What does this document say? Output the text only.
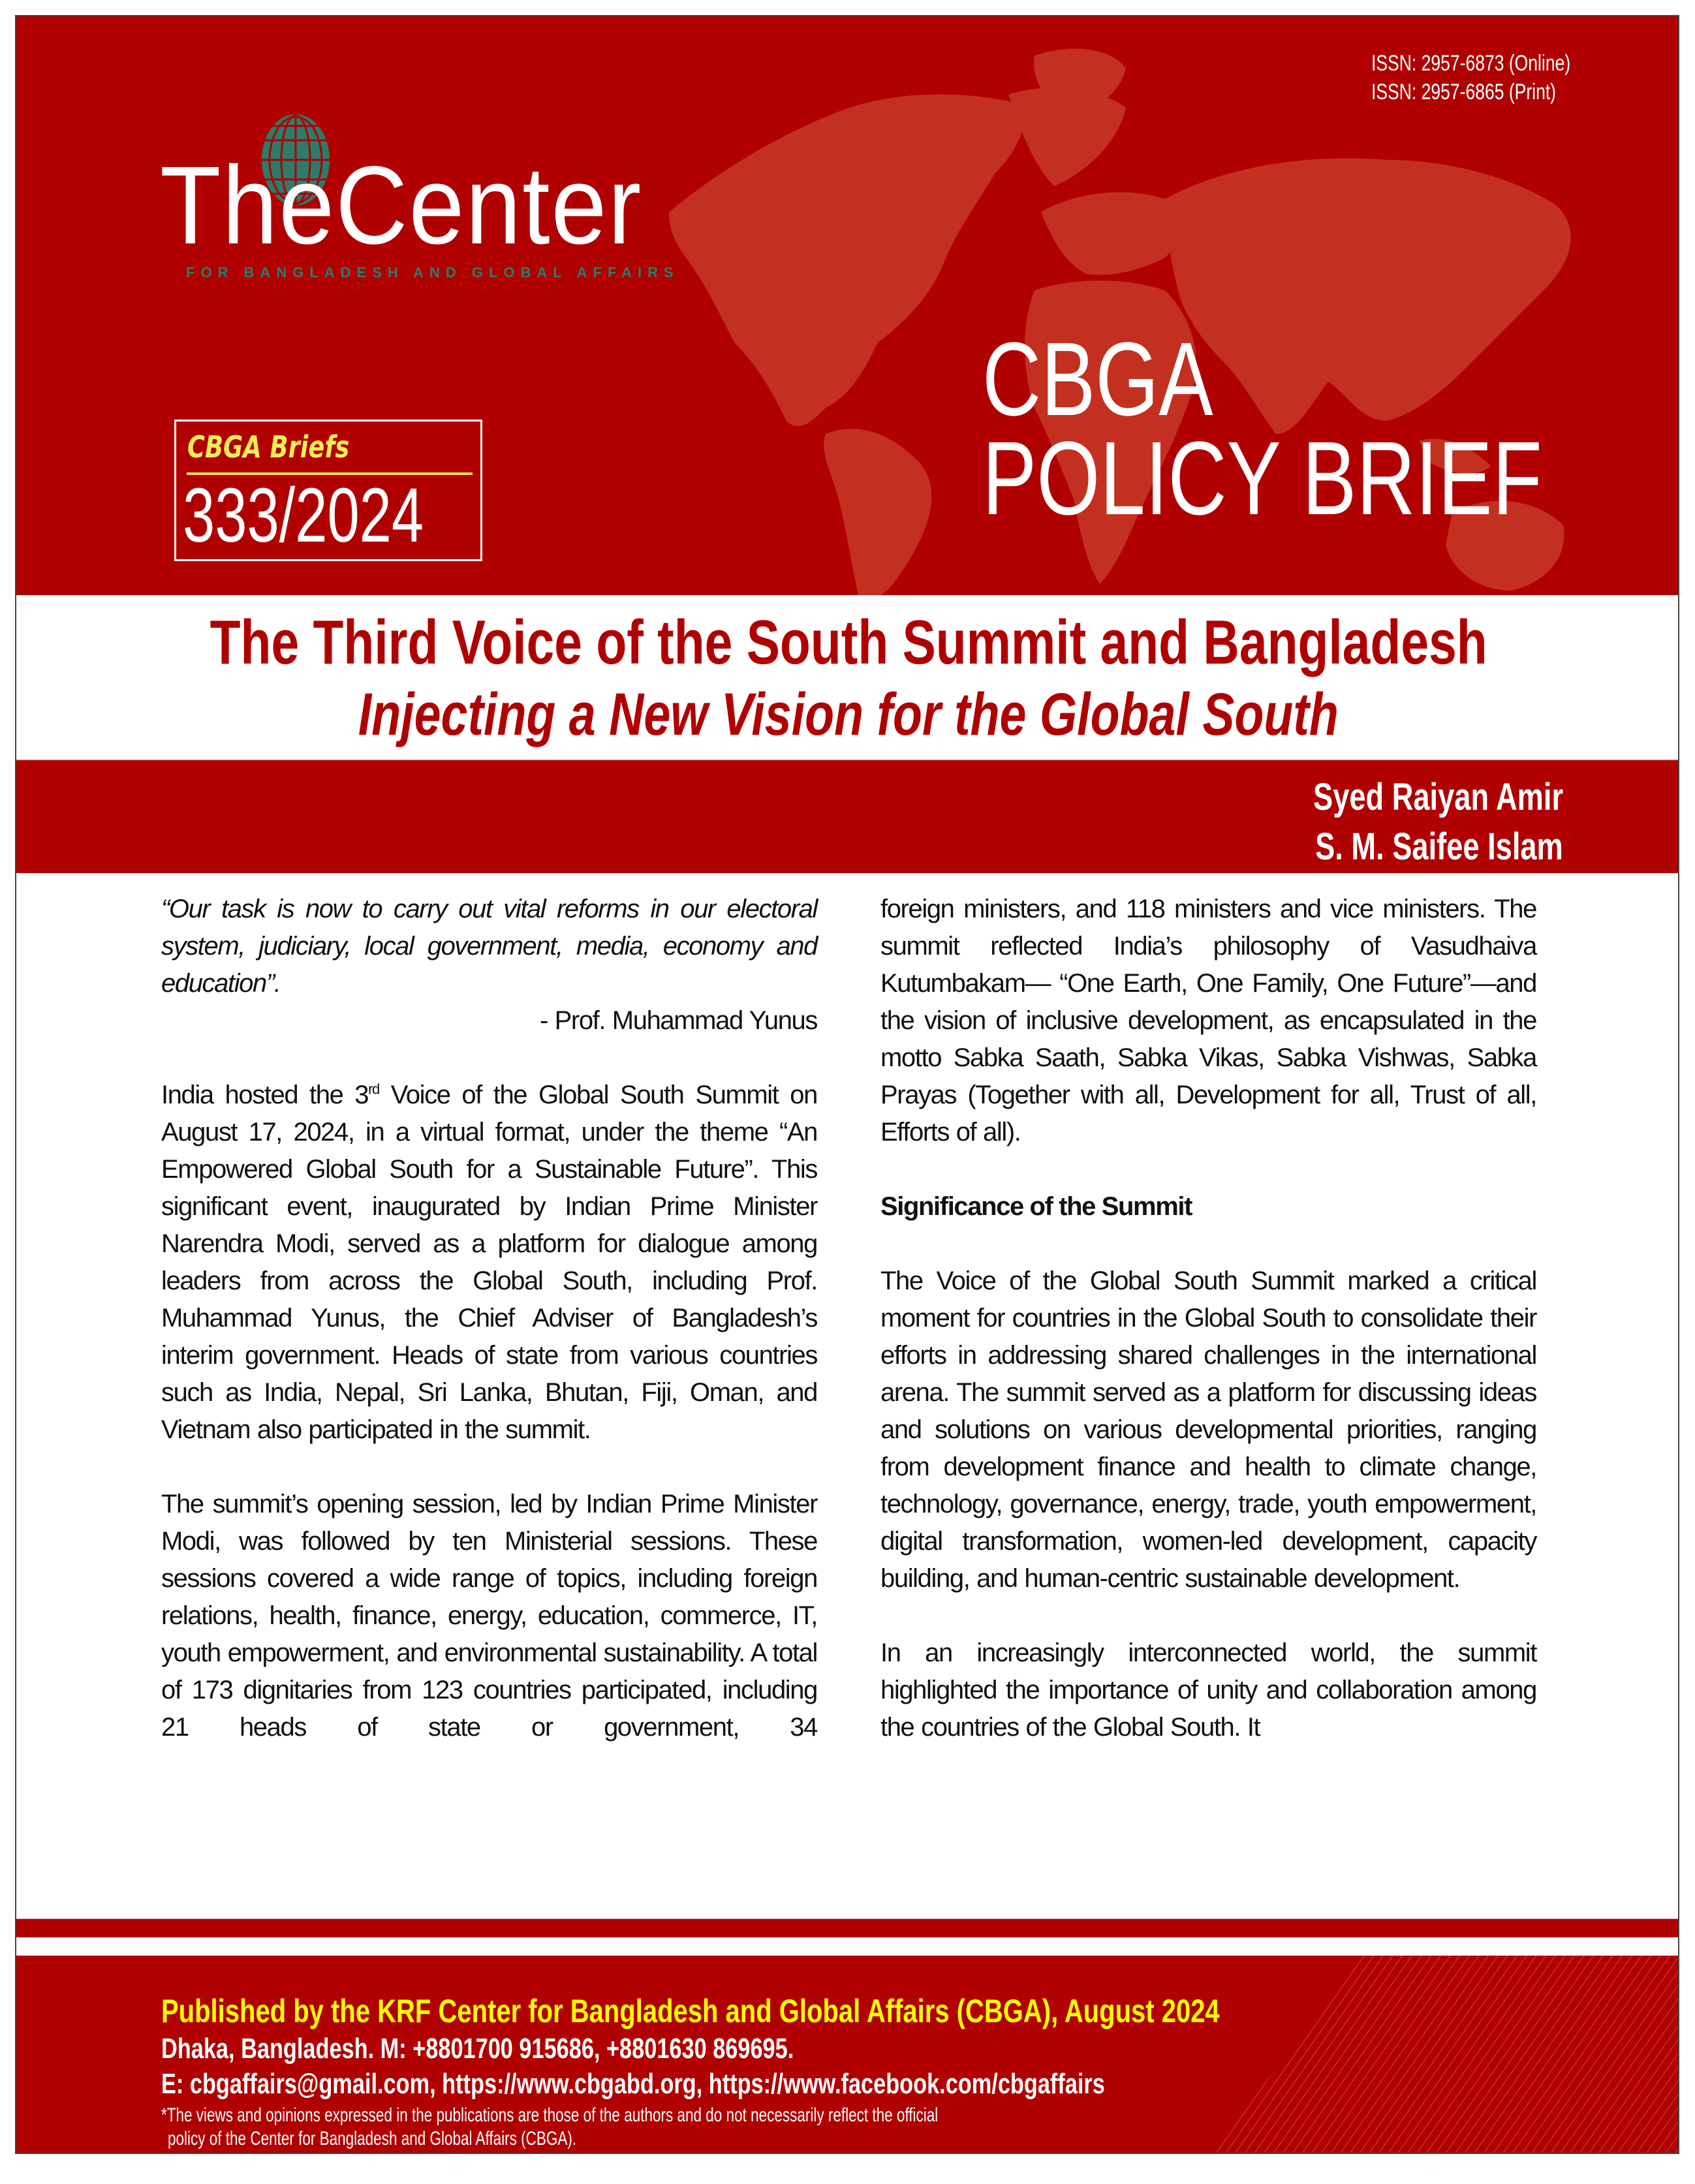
ISSN: 2957-6873 (Online)
ISSN: 2957-6865 (Print)
TheCenter
FOR BANGLADESH AND GLOBAL AFFAIRS
CBGA Briefs
333/2024
CBGA
POLICY BRIEF
The Third Voice of the South Summit and Bangladesh
Injecting a New Vision for the Global South
Syed Raiyan Amir
S. M. Saifee Islam

“Our task is now to carry out vital reforms in our electoral system, judiciary, local government, media, economy and education”.

- Prof. Muhammad Yunus

India hosted the 3rd Voice of the Global South Summit on August 17, 2024, in a virtual format, under the theme “An Empowered Global South for a Sustainable Future”. This significant event, inaugurated by Indian Prime Minister Narendra Modi, served as a platform for dialogue among leaders from across the Global South, including Prof. Muhammad Yunus, the Chief Adviser of Bangladesh’s interim government. Heads of state from various countries such as India, Nepal, Sri Lanka, Bhutan, Fiji, Oman, and Vietnam also participated in the summit.

The summit’s opening session, led by Indian Prime Minister Modi, was followed by ten Ministerial sessions. These sessions covered a wide range of topics, including foreign relations, health, finance, energy, education, commerce, IT, youth empowerment, and environmental sustainability. A total of 173 dignitaries from 123 countries participated, including 21 heads of state or government, 34

foreign ministers, and 118 ministers and vice ministers. The summit reflected India’s philosophy of Vasudhaiva Kutumbakam— “One Earth, One Family, One Future”—and the vision of inclusive development, as encapsulated in the motto Sabka Saath, Sabka Vikas, Sabka Vishwas, Sabka Prayas (Together with all, Development for all, Trust of all, Efforts of all).

Significance of the Summit

The Voice of the Global South Summit marked a critical moment for countries in the Global South to consolidate their efforts in addressing shared challenges in the international arena. The summit served as a platform for discussing ideas and solutions on various developmental priorities, ranging from development finance and health to climate change, technology, governance, energy, trade, youth empowerment, digital transformation, women-led development, capacity building, and human-centric sustainable development.

In an increasingly interconnected world, the summit highlighted the importance of unity and collaboration among the countries of the Global South. It

Published by the KRF Center for Bangladesh and Global Affairs (CBGA), August 2024
Dhaka, Bangladesh. M: +8801700 915686, +8801630 869695.
E: cbgaffairs@gmail.com, https://www.cbgabd.org, https://www.facebook.com/cbgaffairs
*The views and opinions expressed in the publications are those of the authors and do not necessarily reflect the official
policy of the Center for Bangladesh and Global Affairs (CBGA).
